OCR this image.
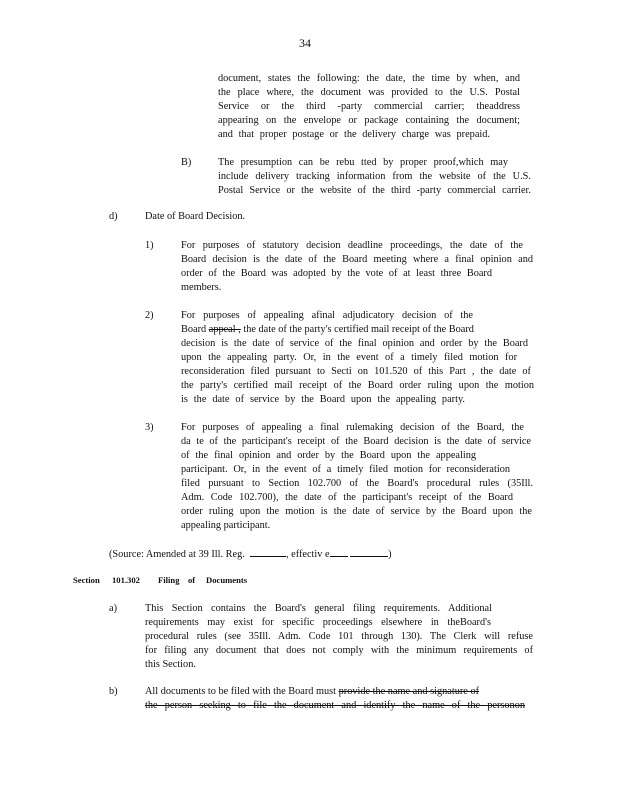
34
document, states the following: the date, the time by when, and
the place where, the document was provided to the U.S. Postal
Service or the third -party commercial carrier; theaddress
appearing on the envelope or package containing the document;
and that proper postage or the delivery charge was prepaid.
B)	The presumption can be rebu tted by proper proof,which may
include delivery tracking information from the website of the U.S.
Postal Service or the website of the third -party commercial carrier.
d)	Date of Board Decision.
1)	For purposes of statutory decision deadline proceedings, the date of the
Board decision is the date of the Board meeting where a final opinion and
order of the Board was adopted by the vote of at least three Board
members.
2)	For purposes of appealing afinal adjudicatory decision of the
Board appeal , the date of the party's certified mail receipt of the Board
decision is the date of service of the final opinion and order by the Board
upon the appealing party. Or, in the event of a timely filed motion for
reconsideration filed pursuant to Secti on 101.520 of this Part , the date of
the party's certified mail receipt of the Board order ruling upon the motion
is the date of service by the Board upon the appealing party.
3)	For purposes of appealing a final rulemaking decision of the Board, the
da te of the participant's receipt of the Board decision is the date of service
of the final opinion and order by the Board upon the appealing
participant. Or, in the event of a timely filed motion for reconsideration
filed pursuant to Section 102.700 of the Board's procedural rules (35Ill.
Adm. Code 102.700), the date of the participant's receipt of the Board
order ruling upon the motion is the date of service by the Board upon the
appealing participant.
(Source: Amended at 39 Ill. Reg.	, effectiv e	)
Section 101.302 Filing of Documents
a)	This Section contains the Board's general filing requirements. Additional
requirements may exist for specific proceedings elsewhere in theBoard's
procedural rules (see 35Ill. Adm. Code 101 through 130). The Clerk will refuse
for filing any document that does not comply with the minimum requirements of
this Section.
b)	All documents to be filed with the Board must provide the name and signature of
the person seeking to file the document and identify the name of the personon
